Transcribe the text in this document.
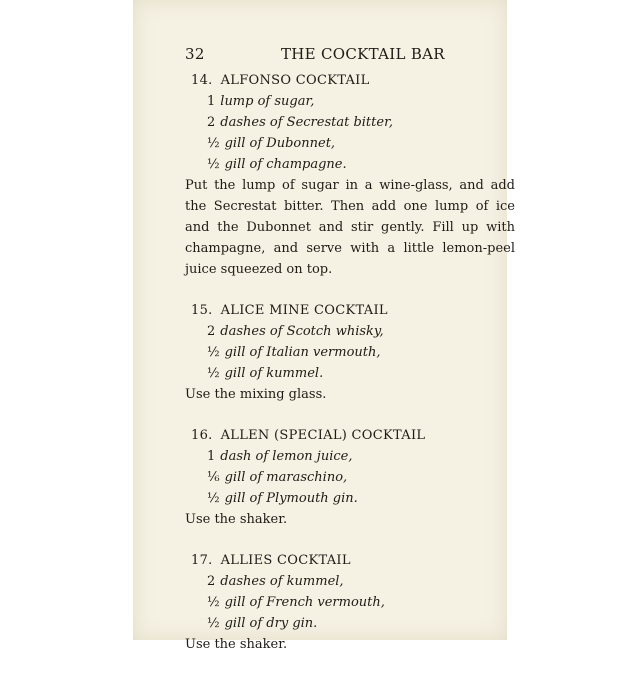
32	THE COCKTAIL BAR
14. ALFONSO COCKTAIL
1 lump of sugar,
2 dashes of Secrestat bitter,
½ gill of Dubonnet,
½ gill of champagne.
Put the lump of sugar in a wine-glass, and add the Secrestat bitter. Then add one lump of ice and the Dubonnet and stir gently. Fill up with champagne, and serve with a little lemon-peel juice squeezed on top.
15. ALICE MINE COCKTAIL
2 dashes of Scotch whisky,
½ gill of Italian vermouth,
½ gill of kummel.
Use the mixing glass.
16. ALLEN (SPECIAL) COCKTAIL
1 dash of lemon juice,
⅙ gill of maraschino,
½ gill of Plymouth gin.
Use the shaker.
17. ALLIES COCKTAIL
2 dashes of kummel,
½ gill of French vermouth,
½ gill of dry gin.
Use the shaker.
